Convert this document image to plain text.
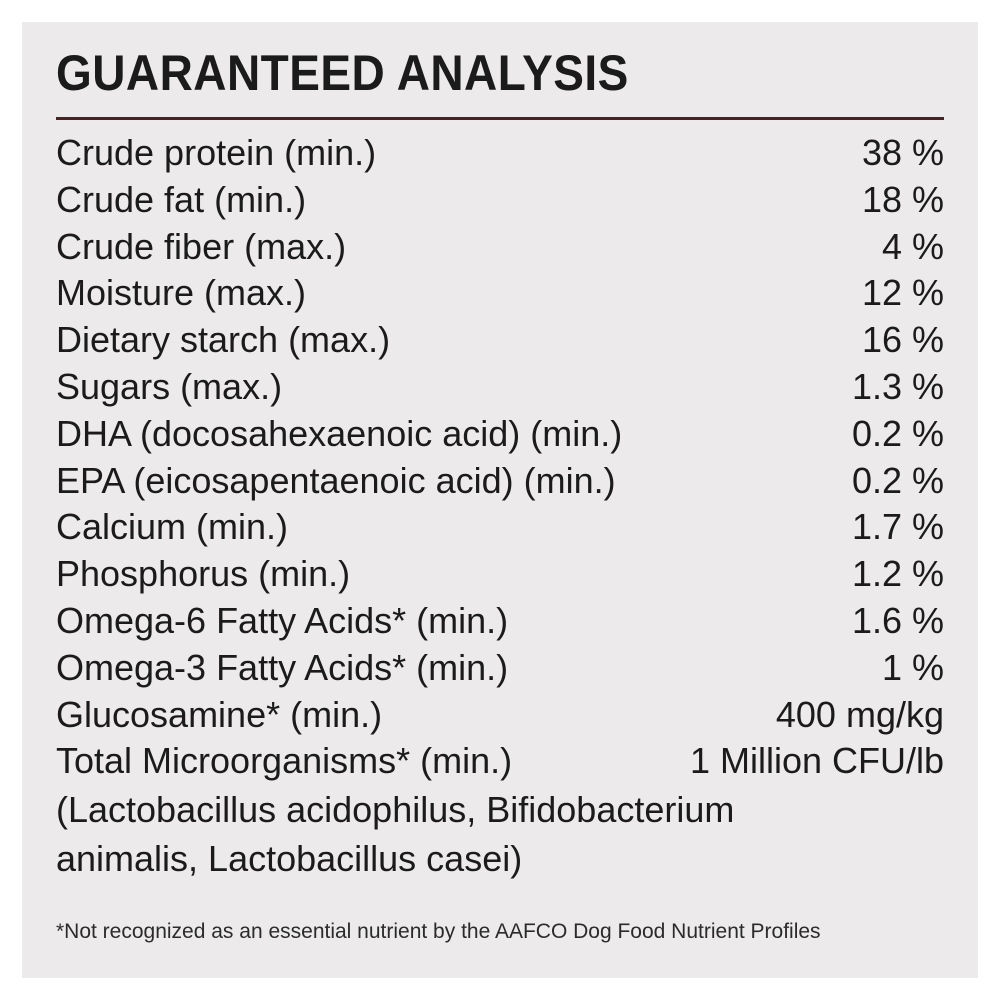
GUARANTEED ANALYSIS
Crude protein (min.)	38 %
Crude fat (min.)	18 %
Crude fiber (max.)	4 %
Moisture (max.)	12 %
Dietary starch (max.)	16 %
Sugars (max.)	1.3 %
DHA (docosahexaenoic acid) (min.)	0.2 %
EPA (eicosapentaenoic acid) (min.)	0.2 %
Calcium (min.)	1.7 %
Phosphorus (min.)	1.2 %
Omega-6 Fatty Acids* (min.)	1.6 %
Omega-3 Fatty Acids* (min.)	1 %
Glucosamine* (min.)	400 mg/kg
Total Microorganisms* (min.)	1 Million CFU/lb
(Lactobacillus acidophilus, Bifidobacterium
animalis, Lactobacillus casei)
*Not recognized as an essential nutrient by the AAFCO Dog Food Nutrient Profiles
